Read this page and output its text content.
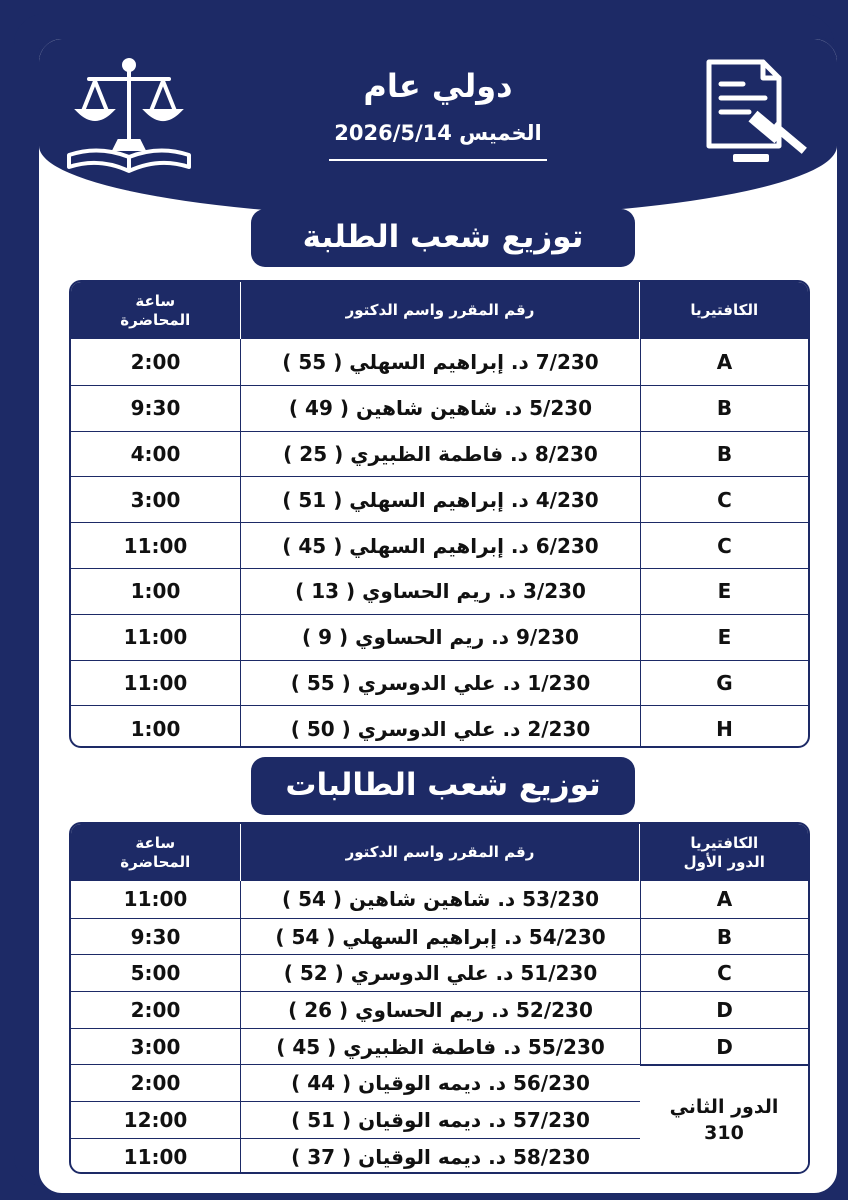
دولي عام
الخميس 2026/5/14
توزيع شعب الطلبة
الكافتيريا
رقم المقرر واسم الدكتور
ساعة
المحاضرة
A
7/230 د. إبراهيم السهلي ( 55 )
2:00
B
5/230 د. شاهين شاهين ( 49 )
9:30
B
8/230 د. فاطمة الظبيري ( 25 )
4:00
C
4/230 د. إبراهيم السهلي ( 51 )
3:00
C
6/230 د. إبراهيم السهلي ( 45 )
11:00
E
3/230 د. ريم الحساوي ( 13 )
1:00
E
9/230 د. ريم الحساوي ( 9 )
11:00
G
1/230 د. علي الدوسري ( 55 )
11:00
H
2/230 د. علي الدوسري ( 50 )
1:00
توزيع شعب الطالبات
الكافتيريا
الدور الأول
رقم المقرر واسم الدكتور
ساعة
المحاضرة
A
53/230 د. شاهين شاهين ( 54 )
11:00
B
54/230 د. إبراهيم السهلي ( 54 )
9:30
C
51/230 د. علي الدوسري ( 52 )
5:00
D
52/230 د. ريم الحساوي ( 26 )
2:00
D
55/230 د. فاطمة الظبيري ( 45 )
3:00
56/230 د. ديمه الوقيان ( 44 )
2:00
57/230 د. ديمه الوقيان ( 51 )
12:00
58/230 د. ديمه الوقيان ( 37 )
11:00
الدور الثاني
310
